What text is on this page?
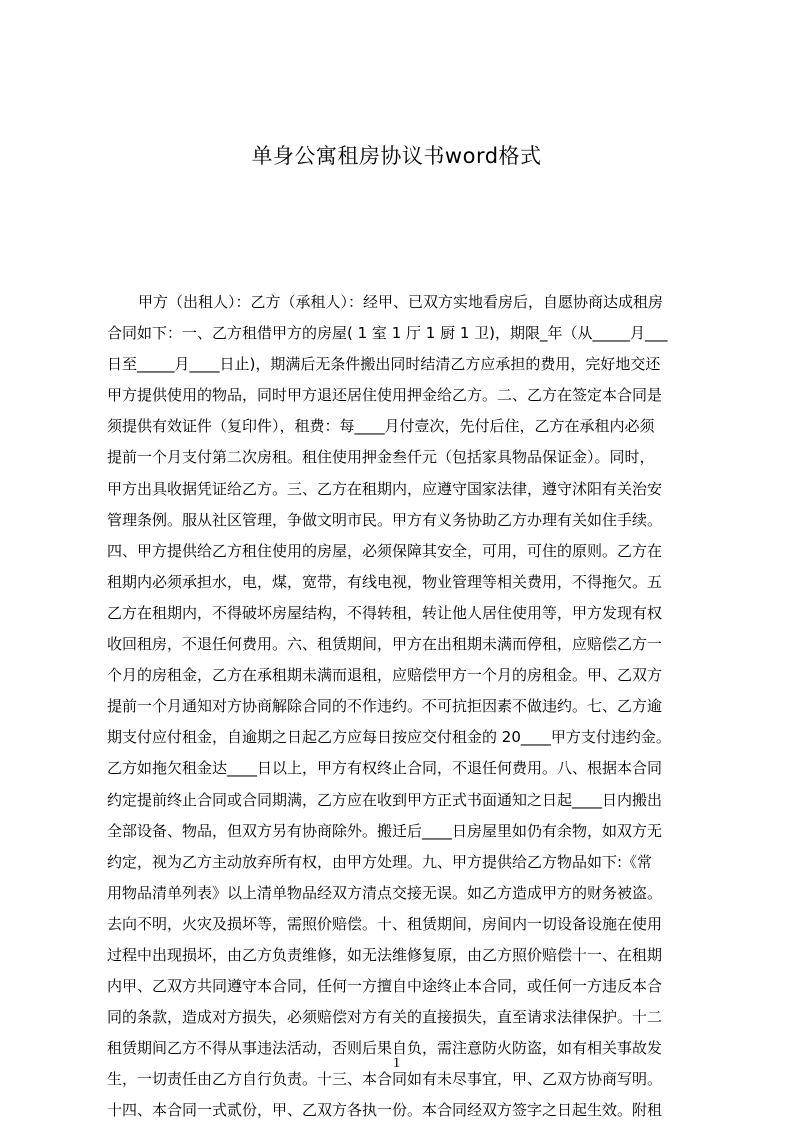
单身公寓租房协议书word格式
甲方（出租人）：乙方（承租人）：经甲、已双方实地看房后，自愿协商达成租房
合同如下：一、乙方租借甲方的房屋( 1 室 1 厅 1 厨 1 卫)，期限_年（从_____月___
日至_____月____日止)，期满后无条件搬出同时结清乙方应承担的费用，完好地交还
甲方提供使用的物品，同时甲方退还居住使用押金给乙方。二、乙方在签定本合同是
须提供有效证件（复印件），租费：每____月付壹次，先付后住，乙方在承租内必须
提前一个月支付第二次房租。租住使用押金叁仟元（包括家具物品保证金）。同时，
甲方出具收据凭证给乙方。三、乙方在租期内，应遵守国家法律，遵守沭阳有关治安
管理条例。服从社区管理，争做文明市民。甲方有义务协助乙方办理有关如住手续。
四、甲方提供给乙方租住使用的房屋，必须保障其安全，可用，可住的原则。乙方在
租期内必须承担水，电，煤，宽带，有线电视，物业管理等相关费用，不得拖欠。五
乙方在租期内，不得破坏房屋结构，不得转租，转让他人居住使用等，甲方发现有权
收回租房，不退任何费用。六、租赁期间，甲方在出租期未满而停租，应赔偿乙方一
个月的房租金，乙方在承租期未满而退租，应赔偿甲方一个月的房租金。甲、乙双方
提前一个月通知对方协商解除合同的不作违约。不可抗拒因素不做违约。七、乙方逾
期支付应付租金，自逾期之日起乙方应每日按应交付租金的 20____甲方支付违约金。
乙方如拖欠租金达____日以上，甲方有权终止合同，不退任何费用。八、根据本合同
约定提前终止合同或合同期满，乙方应在收到甲方正式书面通知之日起____日内搬出
全部设备、物品，但双方另有协商除外。搬迁后____日房屋里如仍有余物，如双方无
约定，视为乙方主动放弃所有权，由甲方处理。九、甲方提供给乙方物品如下:《常
用物品清单列表》以上清单物品经双方清点交接无误。如乙方造成甲方的财务被盗。
去向不明，火灾及损坏等，需照价赔偿。十、租赁期间，房间内一切设备设施在使用
过程中出现损坏，由乙方负责维修，如无法维修复原，由乙方照价赔偿十一、在租期
内甲、乙双方共同遵守本合同，任何一方擅自中途终止本合同，或任何一方违反本合
同的条款，造成对方损失，必须赔偿对方有关的直接损失，直至请求法律保护。十二
租赁期间乙方不得从事违法活动，否则后果自负，需注意防火防盗，如有相关事故发
生，一切责任由乙方自行负责。十三、本合同如有未尽事宜，甲、乙双方协商写明。
十四、本合同一式贰份，甲、乙双方各执一份。本合同经双方签字之日起生效。附租
1
